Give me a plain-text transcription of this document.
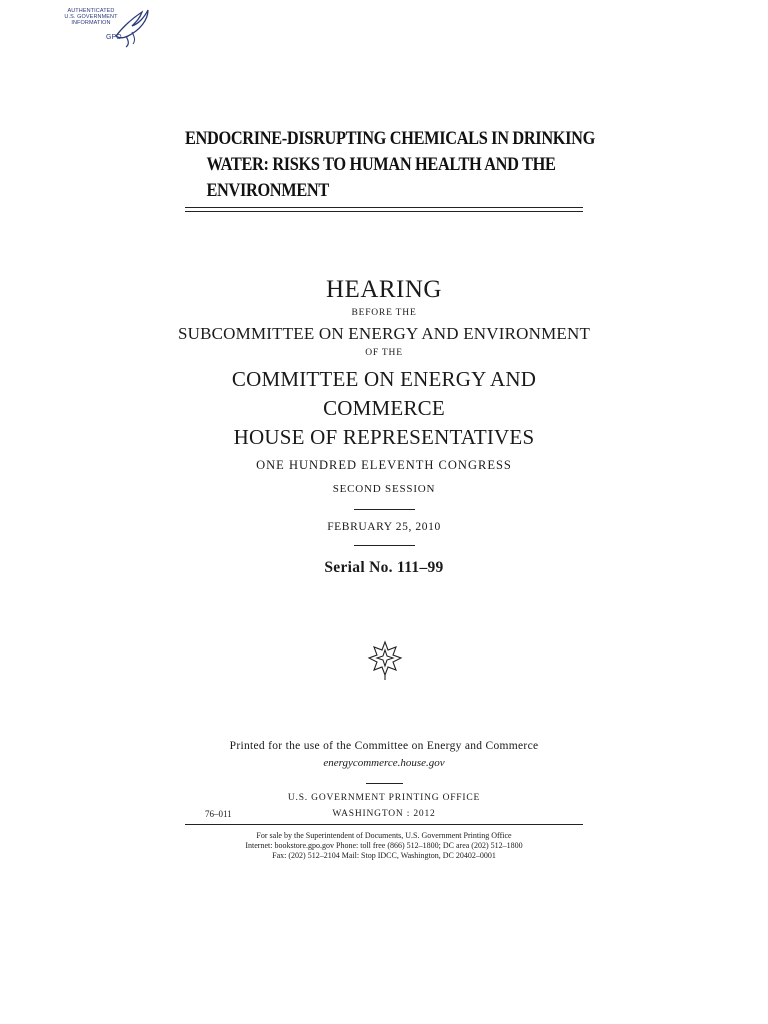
AUTHENTICATED
U.S. GOVERNMENT
INFORMATION
GPO
ENDOCRINE-DISRUPTING CHEMICALS IN DRINKING
WATER: RISKS TO HUMAN HEALTH AND THE
ENVIRONMENT
HEARING
BEFORE THE
SUBCOMMITTEE ON ENERGY AND ENVIRONMENT
OF THE
COMMITTEE ON ENERGY AND
COMMERCE
HOUSE OF REPRESENTATIVES
ONE HUNDRED ELEVENTH CONGRESS
SECOND SESSION
FEBRUARY 25, 2010
Serial No. 111–99
Printed for the use of the Committee on Energy and Commerce
energycommerce.house.gov
U.S. GOVERNMENT PRINTING OFFICE
76–011	WASHINGTON : 2012
For sale by the Superintendent of Documents, U.S. Government Printing Office
Internet: bookstore.gpo.gov Phone: toll free (866) 512–1800; DC area (202) 512–1800
Fax: (202) 512–2104 Mail: Stop IDCC, Washington, DC 20402–0001
